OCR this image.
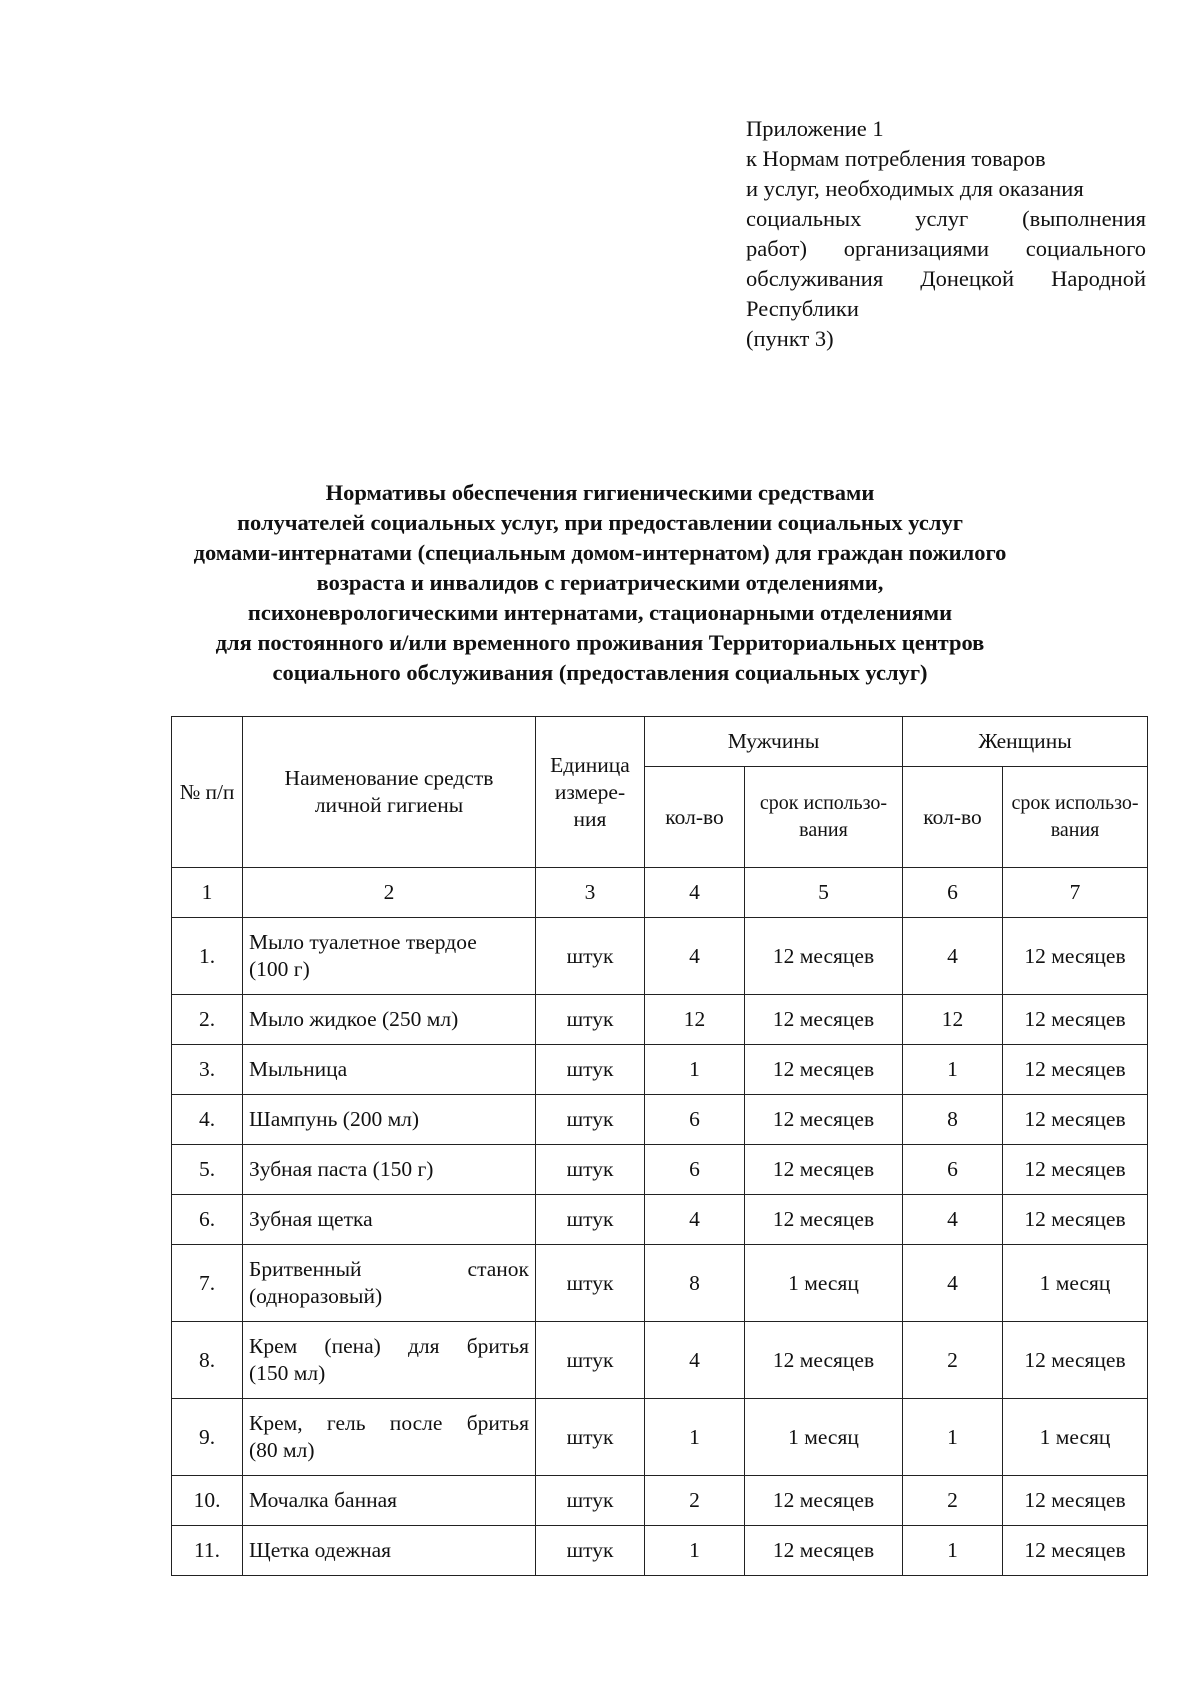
Приложение 1
к Нормам потребления товаров
и услуг, необходимых для оказания
социальных услуг (выполнения
работ) организациями социального
обслуживания Донецкой Народной
Республики
(пункт 3)
Нормативы обеспечения гигиеническими средствами
получателей социальных услуг, при предоставлении социальных услуг
домами-интернатами (специальным домом-интернатом) для граждан пожилого
возраста и инвалидов с гериатрическими отделениями,
психоневрологическими интернатами, стационарными отделениями
для постоянного и/или временного проживания Территориальных центров
социального обслуживания (предоставления социальных услуг)
№ п/п	Наименование средств личной гигиены	Единица измере-ния	Мужчины		Женщины	
			кол-во	срок использо-вания	кол-во	срок использо-вания
1	2	3	4	5	6	7
1.	Мыло туалетное твердое
(100 г)	штук	4	12 месяцев	4	12 месяцев
2.	Мыло жидкое (250 мл)	штук	12	12 месяцев	12	12 месяцев
3.	Мыльница	штук	1	12 месяцев	1	12 месяцев
4.	Шампунь (200 мл)	штук	6	12 месяцев	8	12 месяцев
5.	Зубная паста (150 г)	штук	6	12 месяцев	6	12 месяцев
6.	Зубная щетка	штук	4	12 месяцев	4	12 месяцев
7.	Бритвенный станок
(одноразовый)	штук	8	1 месяц	4	1 месяц
8.	Крем (пена) для бритья
(150 мл)	штук	4	12 месяцев	2	12 месяцев
9.	Крем, гель после бритья
(80 мл)	штук	1	1 месяц	1	1 месяц
10.	Мочалка банная	штук	2	12 месяцев	2	12 месяцев
11.	Щетка одежная	штук	1	12 месяцев	1	12 месяцев
